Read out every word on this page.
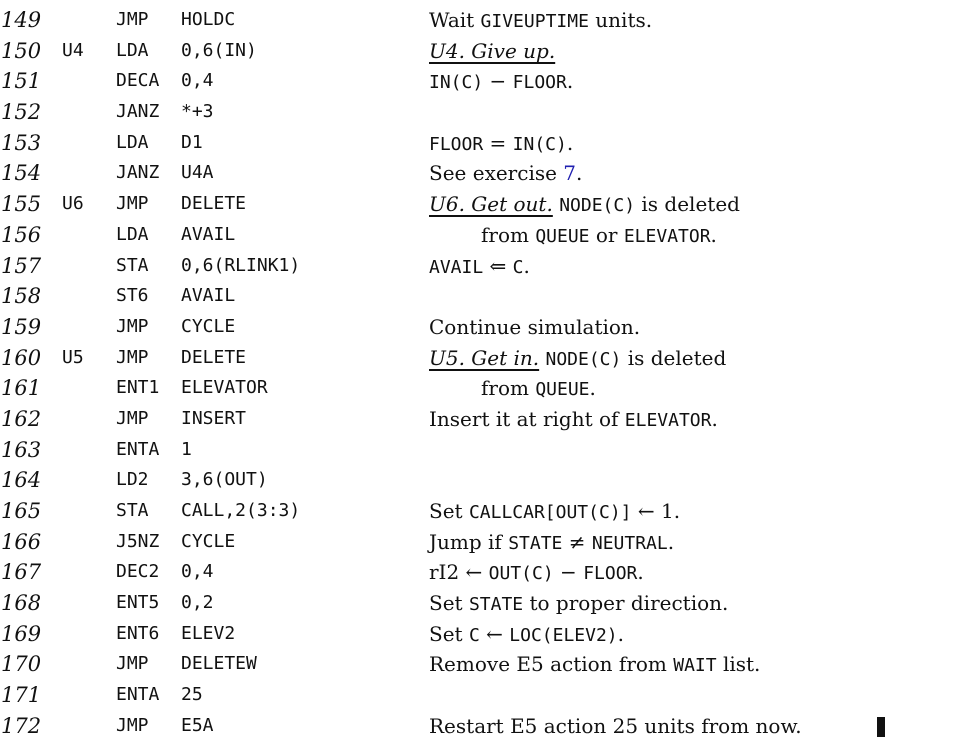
149	JMP HOLDC	Wait GIVEUPTIME units.
150 U4 LDA 0,6(IN)	U4. Give up.
151	DECA 0,4	IN(C) − FLOOR.
152	JANZ *+3
153	LDA D1	FLOOR = IN(C).
154	JANZ U4A	See exercise 7.
155 U6 JMP DELETE	U6. Get out. NODE(C) is deleted
156	LDA AVAIL	from QUEUE or ELEVATOR.
157	STA 0,6(RLINK1)	AVAIL ⇐ C.
158	ST6 AVAIL
159	JMP CYCLE	Continue simulation.
160 U5 JMP DELETE	U5. Get in. NODE(C) is deleted
161	ENT1 ELEVATOR	from QUEUE.
162	JMP INSERT	Insert it at right of ELEVATOR.
163	ENTA 1
164	LD2 3,6(OUT)
165	STA CALL,2(3:3)	Set CALLCAR[OUT(C)] ← 1.
166	J5NZ CYCLE	Jump if STATE ≠ NEUTRAL.
167	DEC2 0,4	rI2 ← OUT(C) − FLOOR.
168	ENT5 0,2	Set STATE to proper direction.
169	ENT6 ELEV2	Set C ← LOC(ELEV2).
170	JMP DELETEW	Remove E5 action from WAIT list.
171	ENTA 25
172	JMP E5A	Restart E5 action 25 units from now.
